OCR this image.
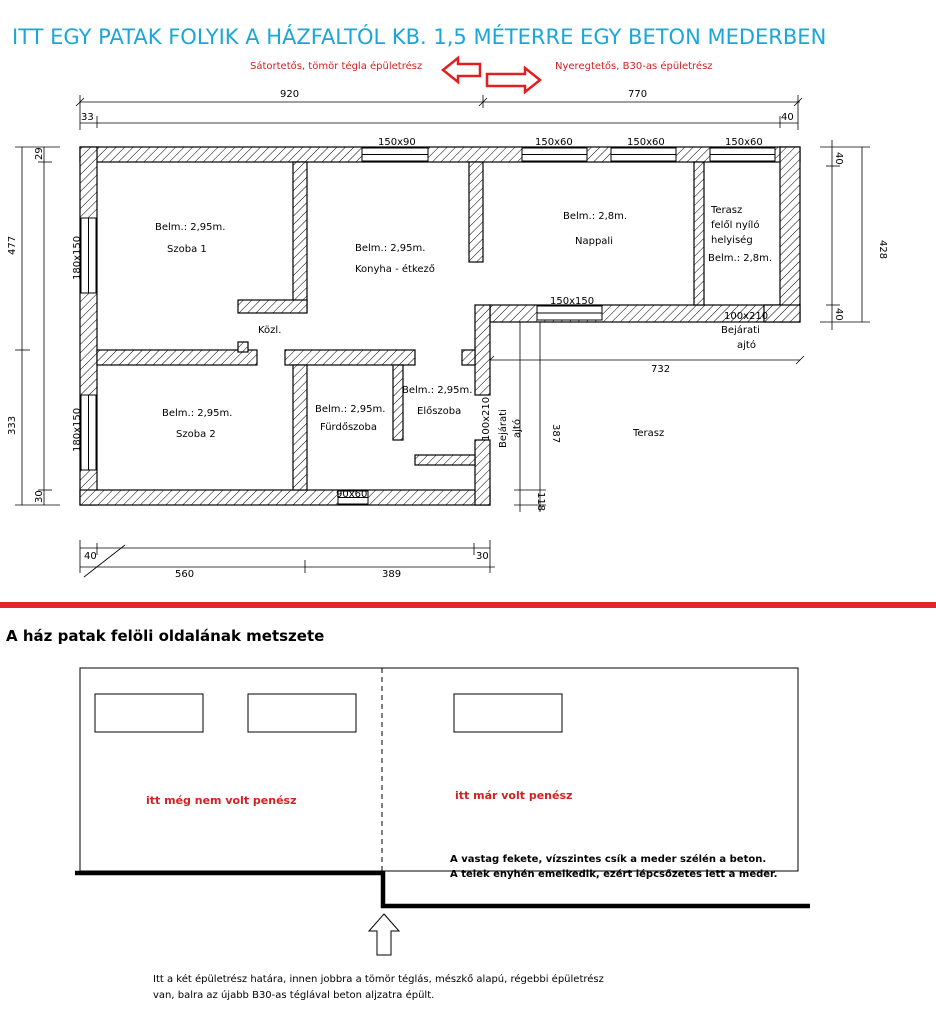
ITT EGY PATAK FOLYIK A HÁZFALTÓL KB. 1,5 MÉTERRE EGY BETON MEDERBEN
Sátortetős, tömör tégla épületrész	Nyeregtetős, B30-as épületrész
920	770
33	40
477
333
29
30
428
40
40
732
387
118
40	30
560	389
150x90	150x60	150x60	150x60
150x150
90x60
100x210
100x210
180x150
180x150
Belm.: 2,95m.
Szoba 1	Belm.: 2,95m.
Konyha - étkező
Belm.: 2,8m.
Nappali
Terasz
felől nyíló
helyiség
Belm.: 2,8m.
Közl.
Belm.: 2,95m.
Szoba 2
Belm.: 2,95m.
Fürdőszoba
Belm.: 2,95m.
Előszoba
Bejárati
ajtó
Bejárati ajtó	Terasz
A ház patak felöli oldalának metszete
itt még nem volt penész	itt már volt penész
A vastag fekete, vízszintes csík a meder szélén a beton.
A telek enyhén emelkedik, ezért lépcsőzetes lett a meder.
Itt a két épületrész határa, innen jobbra a tömör téglás, mészkő alapú, régebbi épületrész
van, balra az újabb B30-as téglával beton aljzatra épült.
